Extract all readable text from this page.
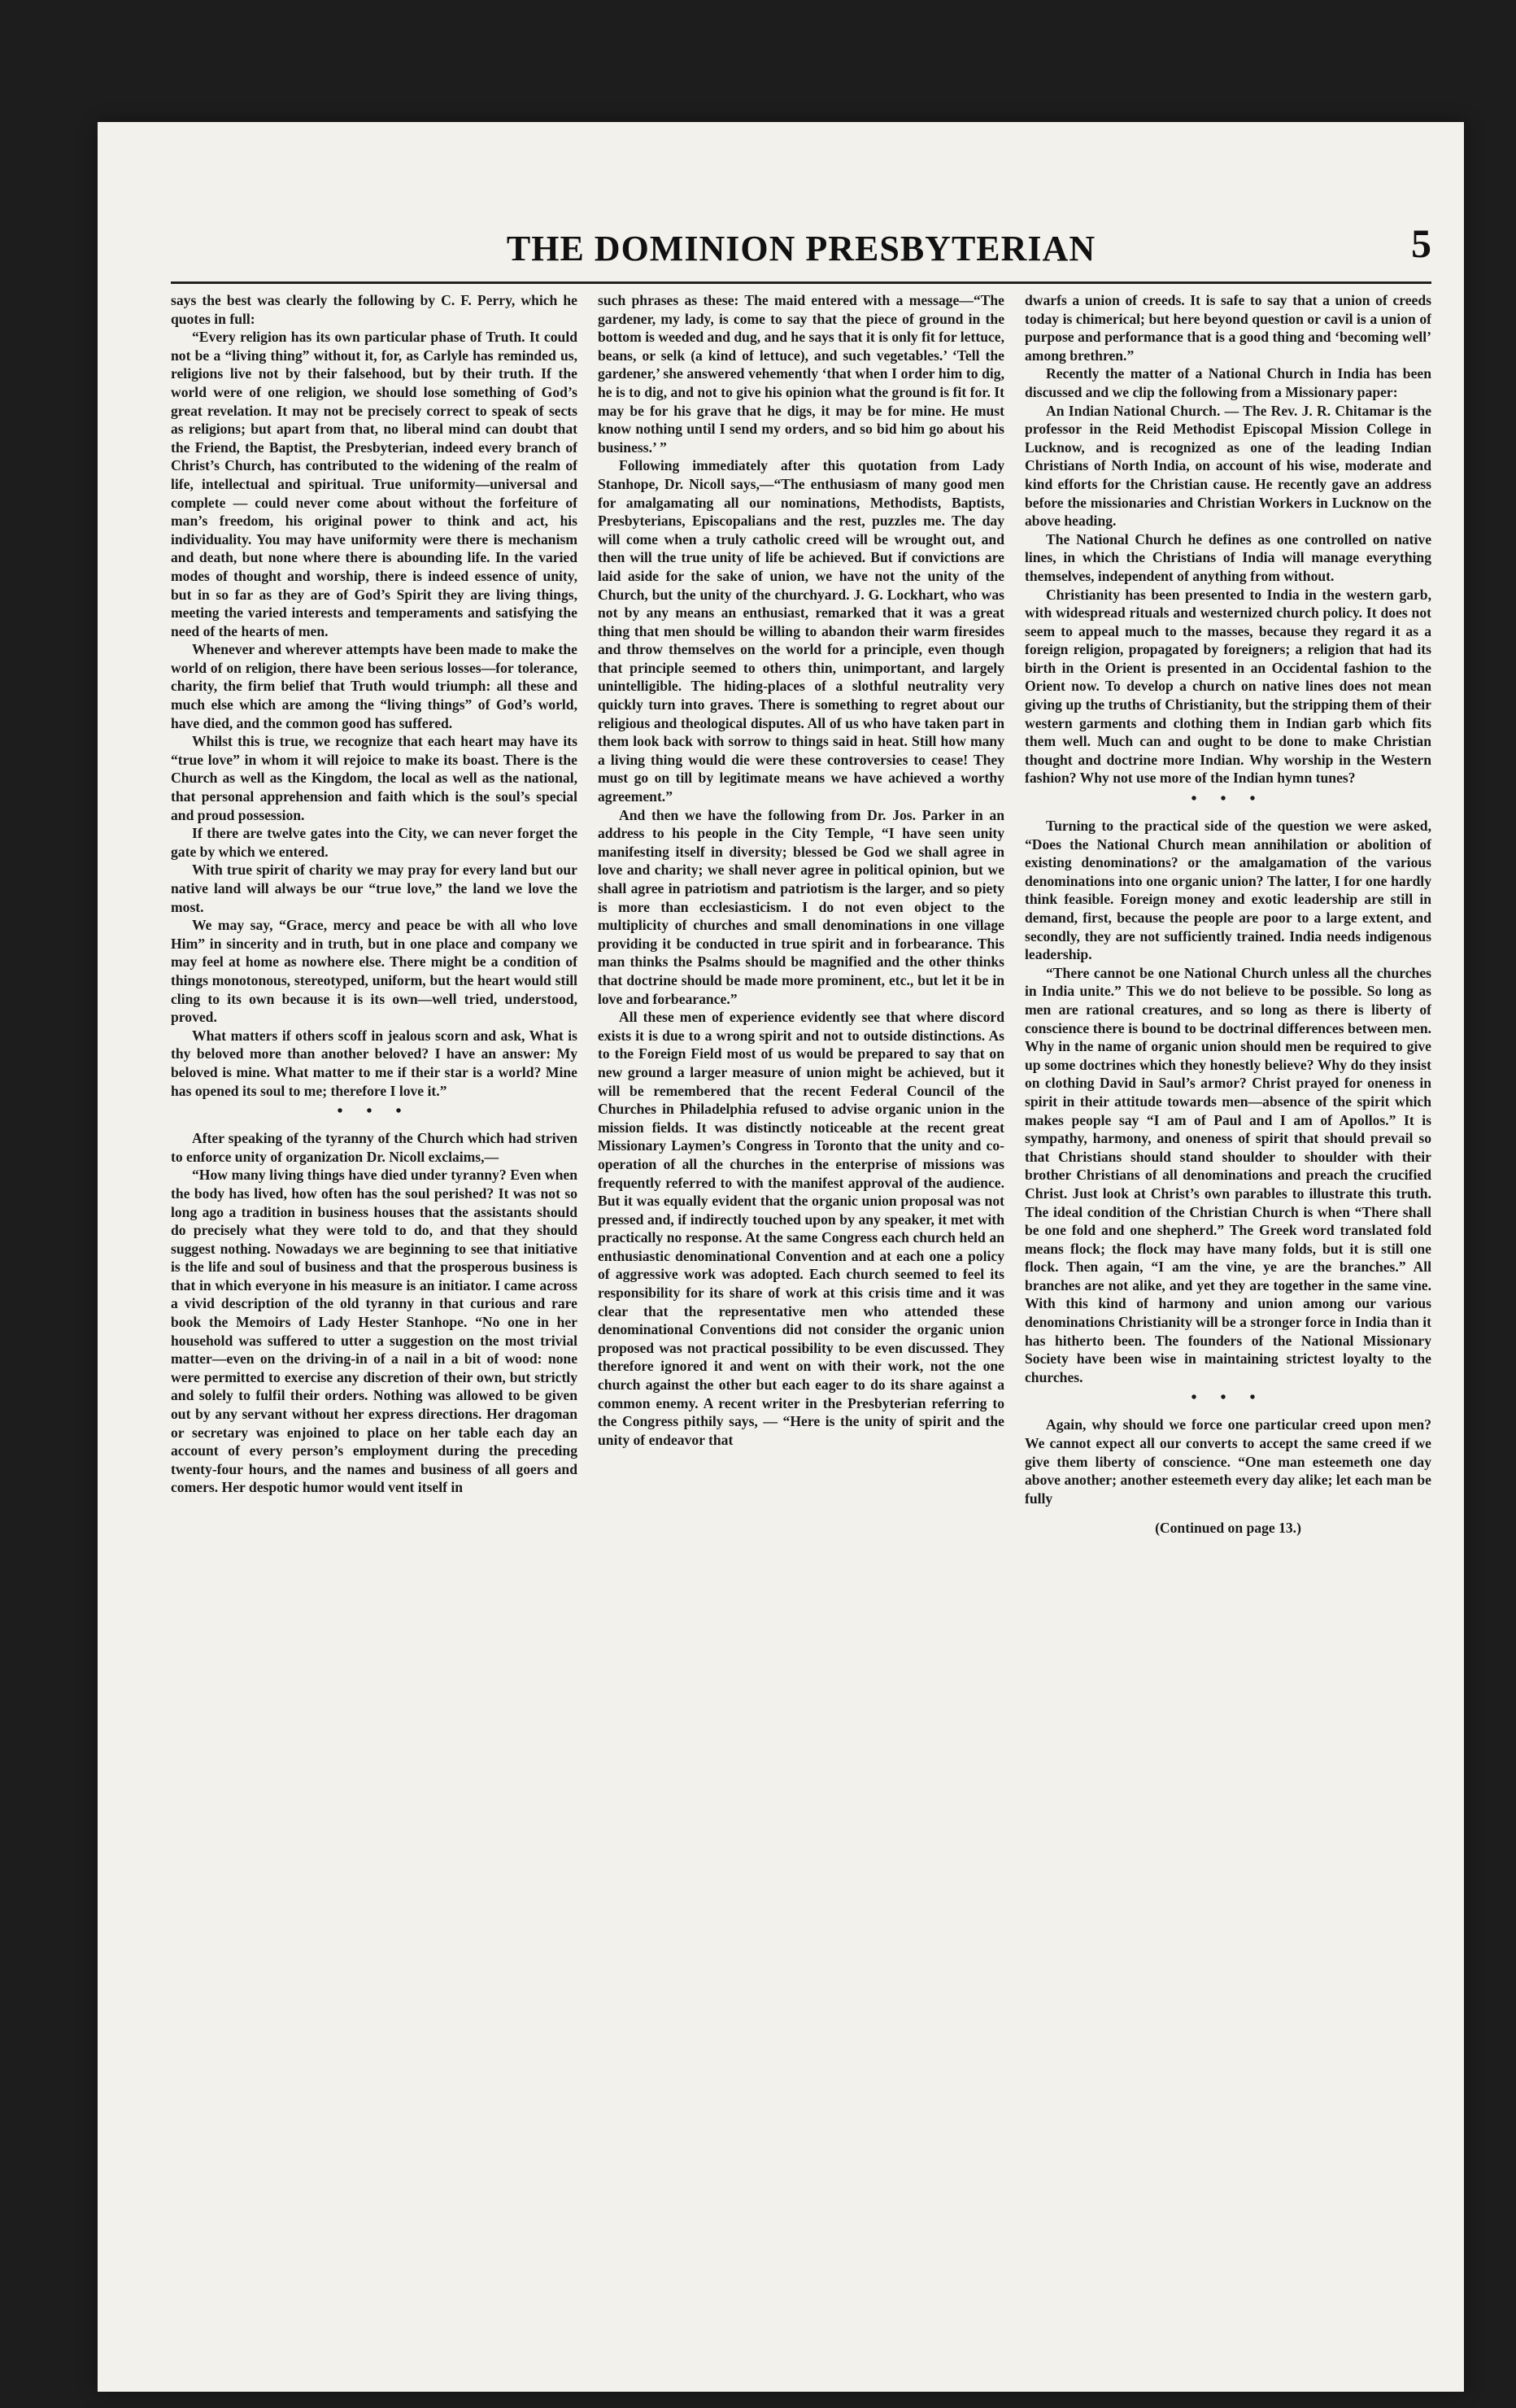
THE DOMINION PRESBYTERIAN	5

says the best was clearly the following by C. F. Perry, which he quotes in full:

“Every religion has its own particular phase of Truth. It could not be a “living thing” without it, for, as Carlyle has reminded us, religions live not by their falsehood, but by their truth. If the world were of one religion, we should lose something of God’s great revelation. It may not be precisely correct to speak of sects as religions; but apart from that, no liberal mind can doubt that the Friend, the Baptist, the Presbyterian, indeed every branch of Christ’s Church, has contributed to the widening of the realm of life, intellectual and spiritual. True uniformity—universal and complete — could never come about without the forfeiture of man’s freedom, his original power to think and act, his individuality. You may have uniformity were there is mechanism and death, but none where there is abounding life. In the varied modes of thought and worship, there is indeed essence of unity, but in so far as they are of God’s Spirit they are living things, meeting the varied interests and temperaments and satisfying the need of the hearts of men.

Whenever and wherever attempts have been made to make the world of on religion, there have been serious losses—for tolerance, charity, the firm belief that Truth would triumph: all these and much else which are among the “living things” of God’s world, have died, and the common good has suffered.

Whilst this is true, we recognize that each heart may have its “true love” in whom it will rejoice to make its boast. There is the Church as well as the Kingdom, the local as well as the national, that personal apprehension and faith which is the soul’s special and proud possession.

If there are twelve gates into the City, we can never forget the gate by which we entered.

With true spirit of charity we may pray for every land but our native land will always be our “true love,” the land we love the most.

We may say, “Grace, mercy and peace be with all who love Him” in sincerity and in truth, but in one place and company we may feel at home as nowhere else. There might be a condition of things monotonous, stereotyped, uniform, but the heart would still cling to its own because it is its own—well tried, understood, proved.

What matters if others scoff in jealous scorn and ask, What is thy beloved more than another beloved? I have an answer: My beloved is mine. What matter to me if their star is a world? Mine has opened its soul to me; therefore I love it.”

• • •

After speaking of the tyranny of the Church which had striven to enforce unity of organization Dr. Nicoll exclaims,—

“How many living things have died under tyranny? Even when the body has lived, how often has the soul perished? It was not so long ago a tradition in business houses that the assistants should do precisely what they were told to do, and that they should suggest nothing. Nowadays we are beginning to see that initiative is the life and soul of business and that the prosperous business is that in which everyone in his measure is an initiator. I came across a vivid description of the old tyranny in that curious and rare book the Memoirs of Lady Hester Stanhope. “No one in her household was suffered to utter a suggestion on the most trivial matter—even on the driving-in of a nail in a bit of wood: none were permitted to exercise any discretion of their own, but strictly and solely to fulfil their orders. Nothing was allowed to be given out by any servant without her express directions. Her dragoman or secretary was enjoined to place on her table each day an account of every person’s employment during the preceding twenty-four hours, and the names and business of all goers and comers. Her despotic humor would vent itself in

such phrases as these: The maid entered with a message—“The gardener, my lady, is come to say that the piece of ground in the bottom is weeded and dug, and he says that it is only fit for lettuce, beans, or selk (a kind of lettuce), and such vegetables.’ ‘Tell the gardener,’ she answered vehemently ‘that when I order him to dig, he is to dig, and not to give his opinion what the ground is fit for. It may be for his grave that he digs, it may be for mine. He must know nothing until I send my orders, and so bid him go about his business.’ ”

Following immediately after this quotation from Lady Stanhope, Dr. Nicoll says,—“The enthusiasm of many good men for amalgamating all our nominations, Methodists, Baptists, Presbyterians, Episcopalians and the rest, puzzles me. The day will come when a truly catholic creed will be wrought out, and then will the true unity of life be achieved. But if convictions are laid aside for the sake of union, we have not the unity of the Church, but the unity of the churchyard. J. G. Lockhart, who was not by any means an enthusiast, remarked that it was a great thing that men should be willing to abandon their warm firesides and throw themselves on the world for a principle, even though that principle seemed to others thin, unimportant, and largely unintelligible. The hiding-places of a slothful neutrality very quickly turn into graves. There is something to regret about our religious and theological disputes. All of us who have taken part in them look back with sorrow to things said in heat. Still how many a living thing would die were these controversies to cease! They must go on till by legitimate means we have achieved a worthy agreement.”

And then we have the following from Dr. Jos. Parker in an address to his people in the City Temple, “I have seen unity manifesting itself in diversity; blessed be God we shall agree in love and charity; we shall never agree in political opinion, but we shall agree in patriotism and patriotism is the larger, and so piety is more than ecclesiasticism. I do not even object to the multiplicity of churches and small denominations in one village providing it be conducted in true spirit and in forbearance. This man thinks the Psalms should be magnified and the other thinks that doctrine should be made more prominent, etc., but let it be in love and forbearance.”

All these men of experience evidently see that where discord exists it is due to a wrong spirit and not to outside distinctions. As to the Foreign Field most of us would be prepared to say that on new ground a larger measure of union might be achieved, but it will be remembered that the recent Federal Council of the Churches in Philadelphia refused to advise organic union in the mission fields. It was distinctly noticeable at the recent great Missionary Laymen’s Congress in Toronto that the unity and co-operation of all the churches in the enterprise of missions was frequently referred to with the manifest approval of the audience. But it was equally evident that the organic union proposal was not pressed and, if indirectly touched upon by any speaker, it met with practically no response. At the same Congress each church held an enthusiastic denominational Convention and at each one a policy of aggressive work was adopted. Each church seemed to feel its responsibility for its share of work at this crisis time and it was clear that the representative men who attended these denominational Conventions did not consider the organic union proposed was not practical possibility to be even discussed. They therefore ignored it and went on with their work, not the one church against the other but each eager to do its share against a common enemy. A recent writer in the Presbyterian referring to the Congress pithily says, — “Here is the unity of spirit and the unity of endeavor that

dwarfs a union of creeds. It is safe to say that a union of creeds today is chimerical; but here beyond question or cavil is a union of purpose and performance that is a good thing and ‘becoming well’ among brethren.”

Recently the matter of a National Church in India has been discussed and we clip the following from a Missionary paper:

An Indian National Church. — The Rev. J. R. Chitamar is the professor in the Reid Methodist Episcopal Mission College in Lucknow, and is recognized as one of the leading Indian Christians of North India, on account of his wise, moderate and kind efforts for the Christian cause. He recently gave an address before the missionaries and Christian Workers in Lucknow on the above heading.

The National Church he defines as one controlled on native lines, in which the Christians of India will manage everything themselves, independent of anything from without.

Christianity has been presented to India in the western garb, with widespread rituals and westernized church policy. It does not seem to appeal much to the masses, because they regard it as a foreign religion, propagated by foreigners; a religion that had its birth in the Orient is presented in an Occidental fashion to the Orient now. To develop a church on native lines does not mean giving up the truths of Christianity, but the stripping them of their western garments and clothing them in Indian garb which fits them well. Much can and ought to be done to make Christian thought and doctrine more Indian. Why worship in the Western fashion? Why not use more of the Indian hymn tunes?

• • •

Turning to the practical side of the question we were asked, “Does the National Church mean annihilation or abolition of existing denominations? or the amalgamation of the various denominations into one organic union? The latter, I for one hardly think feasible. Foreign money and exotic leadership are still in demand, first, because the people are poor to a large extent, and secondly, they are not sufficiently trained. India needs indigenous leadership.

“There cannot be one National Church unless all the churches in India unite.” This we do not believe to be possible. So long as men are rational creatures, and so long as there is liberty of conscience there is bound to be doctrinal differences between men. Why in the name of organic union should men be required to give up some doctrines which they honestly believe? Why do they insist on clothing David in Saul’s armor? Christ prayed for oneness in spirit in their attitude towards men—absence of the spirit which makes people say “I am of Paul and I am of Apollos.” It is sympathy, harmony, and oneness of spirit that should prevail so that Christians should stand shoulder to shoulder with their brother Christians of all denominations and preach the crucified Christ. Just look at Christ’s own parables to illustrate this truth. The ideal condition of the Christian Church is when “There shall be one fold and one shepherd.” The Greek word translated fold means flock; the flock may have many folds, but it is still one flock. Then again, “I am the vine, ye are the branches.” All branches are not alike, and yet they are together in the same vine. With this kind of harmony and union among our various denominations Christianity will be a stronger force in India than it has hitherto been. The founders of the National Missionary Society have been wise in maintaining strictest loyalty to the churches.

• • •

Again, why should we force one particular creed upon men? We cannot expect all our converts to accept the same creed if we give them liberty of conscience. “One man esteemeth one day above another; another esteemeth every day alike; let each man be fully

(Continued on page 13.)
